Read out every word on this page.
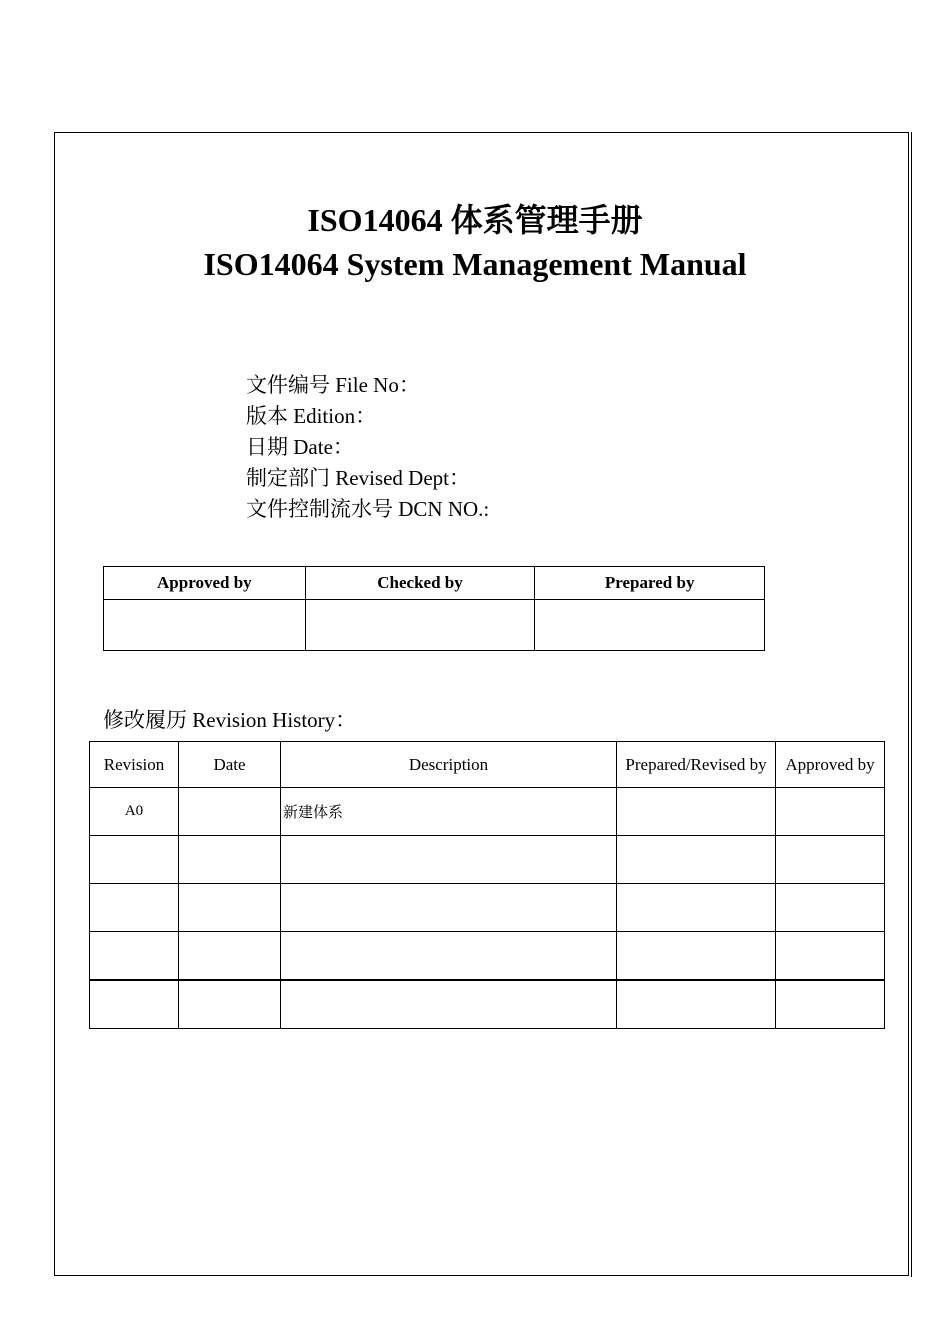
ISO14064 体系管理手册
ISO14064 System Management Manual
文件编号 File No：
版本 Edition：
日期 Date：
制定部门 Revised Dept：
文件控制流水号 DCN NO.:
Approved by	Checked by	Prepared by

修改履历 Revision History：
Revision	Date	Description	Prepared/Revised by	Approved by
A0		新建体系		
